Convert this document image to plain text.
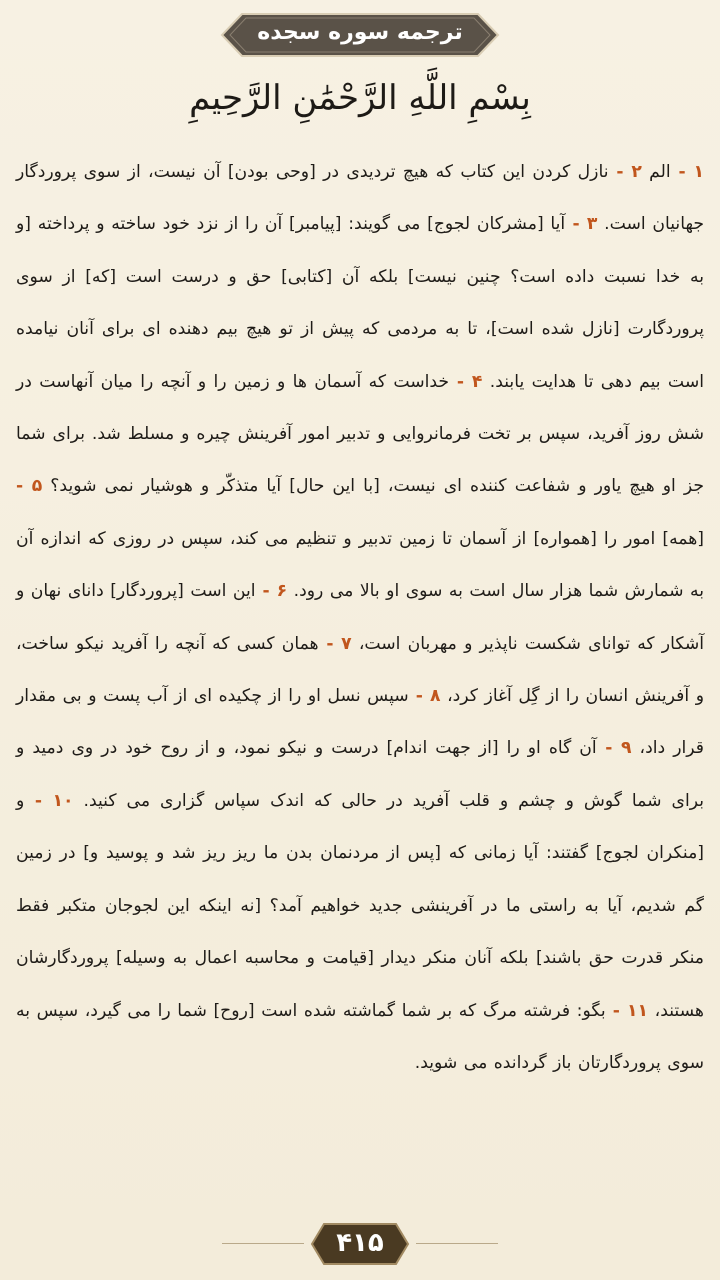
ترجمه سوره سجده
بِسْمِ اللَّهِ الرَّحْمَٰنِ الرَّحِيمِ
۱ - الم ۲ - نازل کردن این کتاب که هیچ تردیدی در [وحی بودن] آن نیست، از سوی پروردگار جهانیان است. ۳ - آیا [مشرکان لجوج] می گویند: [پیامبر] آن را از نزد خود ساخته و پرداخته [و به خدا نسبت داده است؟ چنین نیست] بلکه آن [کتابی] حق و درست است [که] از سوی پروردگارت [نازل شده است]، تا به مردمی که پیش از تو هیچ بیم دهنده ای برای آنان نیامده است بیم دهی تا هدایت یابند. ۴ - خداست که آسمان ها و زمین را و آنچه را میان آنهاست در شش روز آفرید، سپس بر تخت فرمانروایی و تدبیر امور آفرینش چیره و مسلط شد. برای شما جز او هیچ یاور و شفاعت کننده ای نیست، [با این حال] آیا متذکّر و هوشیار نمی شوید؟ ۵ - [همه] امور را [همواره] از آسمان تا زمین تدبیر و تنظیم می کند، سپس در روزی که اندازه آن به شمارش شما هزار سال است به سوی او بالا می رود. ۶ - این است [پروردگار] دانای نهان و آشکار که توانای شکست ناپذیر و مهربان است، ۷ - همان کسی که آنچه را آفرید نیکو ساخت، و آفرینش انسان را از گِل آغاز کرد، ۸ - سپس نسل او را از چکیده ای از آب پست و بی مقدار قرار داد، ۹ - آن گاه او را [از جهت اندام] درست و نیکو نمود، و از روح خود در وی دمید و برای شما گوش و چشم و قلب آفرید در حالی که اندک سپاس گزاری می کنید. ۱۰ - و [منکران لجوج] گفتند: آیا زمانی که [پس از مردنمان بدن ما ریز ریز شد و پوسید و] در زمین گم شدیم، آیا به راستی ما در آفرینشی جدید خواهیم آمد؟ [نه اینکه این لجوجان متکبر فقط منکر قدرت حق باشند] بلکه آنان منکر دیدار [قیامت و محاسبه اعمال به وسیله] پروردگارشان هستند، ۱۱ - بگو: فرشته مرگ که بر شما گماشته شده است [روح] شما را می گیرد، سپس به سوی پروردگارتان باز گردانده می شوید.
۴۱۵
